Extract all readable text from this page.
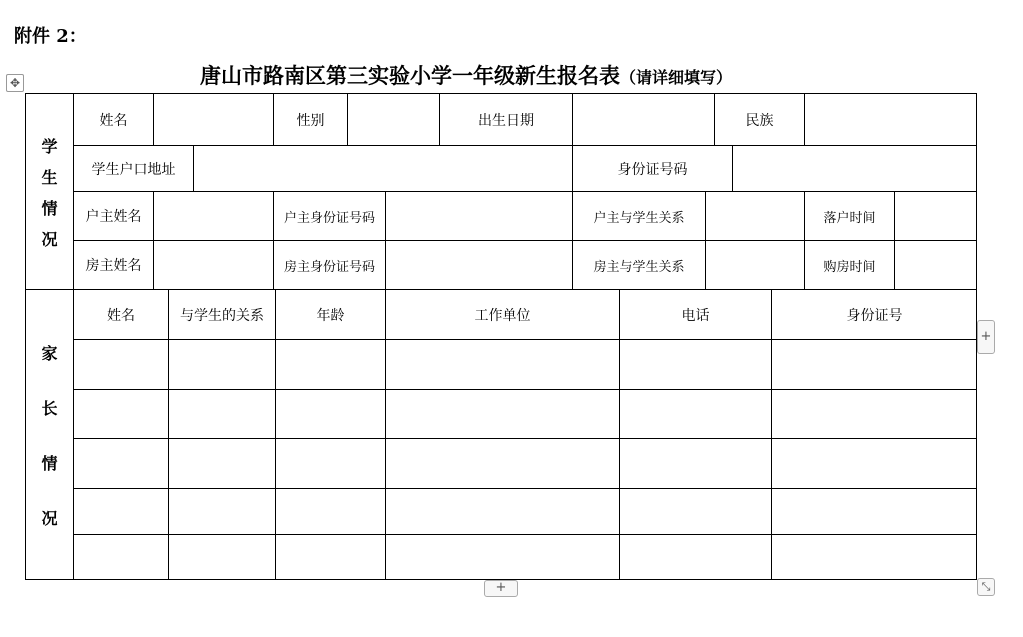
附件 2：
唐山市路南区第三实验小学一年级新生报名表（请详细填写）
✥
学
生
情
况
姓名	性别	出生日期	民族
学生户口地址	身份证号码
户主姓名	户主身份证号码	户主与学生关系	落户时间
房主姓名	房主身份证号码	房主与学生关系	购房时间
家
长
情
况
姓名	与学生的关系	年龄	工作单位	电话	身份证号
+
+	⤡
